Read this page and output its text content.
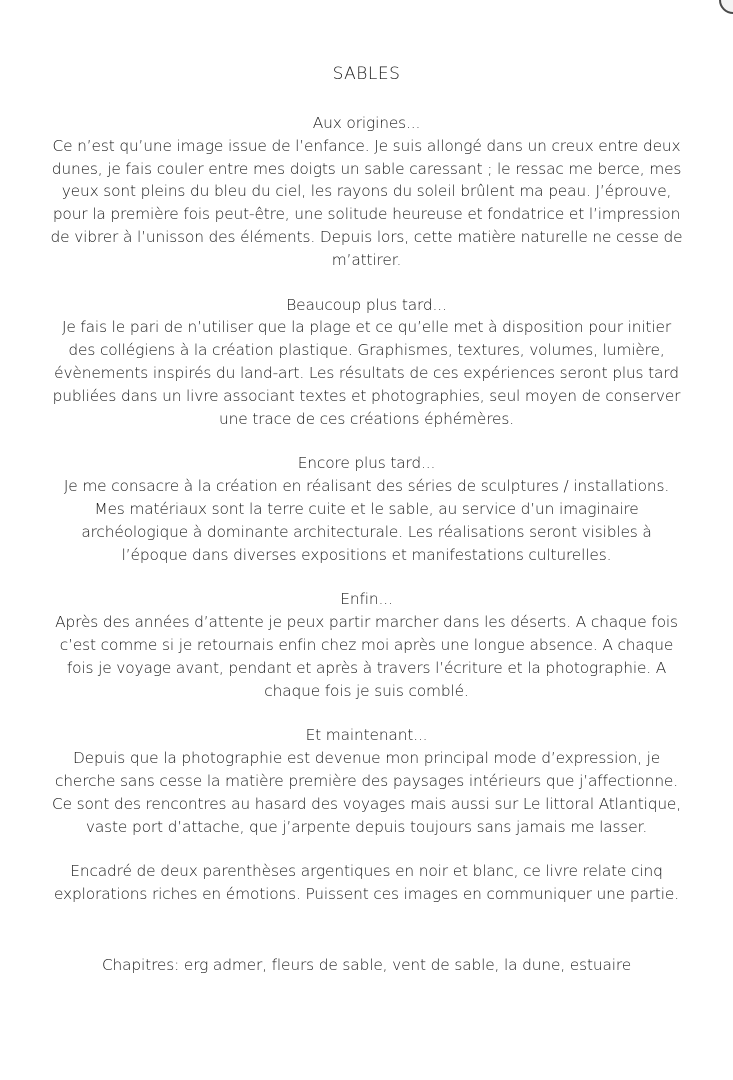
SABLES
Aux origines...
Ce n’est qu’une image issue de l’enfance. Je suis allongé dans un creux entre deux dunes, je fais couler entre mes doigts un sable caressant ; le ressac me berce, mes yeux sont pleins du bleu du ciel, les rayons du soleil brûlent ma peau. J’éprouve, pour la première fois peut-être, une solitude heureuse et fondatrice et l’impression de vibrer à l’unisson des éléments. Depuis lors, cette matière naturelle ne cesse de m’attirer.
Beaucoup plus tard...
Je fais le pari de n’utiliser que la plage et ce qu’elle met à disposition pour initier des collégiens à la création plastique. Graphismes, textures, volumes, lumière, évènements inspirés du land-art. Les résultats de ces expériences seront plus tard publiées dans un livre associant textes et photographies, seul moyen de conserver une trace de ces créations éphémères.
Encore plus tard...
Je me consacre à la création en réalisant des séries de sculptures / installations. Mes matériaux sont la terre cuite et le sable, au service d’un imaginaire archéologique à dominante architecturale. Les réalisations seront visibles à l’époque dans diverses expositions et manifestations culturelles.
Enfin...
Après des années d’attente je peux partir marcher dans les déserts. A chaque fois c’est comme si je retournais enfin chez moi après une longue absence. A chaque fois je voyage avant, pendant et après à travers l’écriture et la photographie. A chaque fois je suis comblé.
Et maintenant...
Depuis que la photographie est devenue mon principal mode d’expression, je cherche sans cesse la matière première des paysages intérieurs que j’affectionne. Ce sont des rencontres au hasard des voyages mais aussi sur Le littoral Atlantique, vaste port d’attache, que j’arpente depuis toujours sans jamais me lasser.

Encadré de deux parenthèses argentiques en noir et blanc, ce livre relate cinq explorations riches en émotions. Puissent ces images en communiquer une partie.

Chapitres: erg admer, fleurs de sable, vent de sable, la dune, estuaire
